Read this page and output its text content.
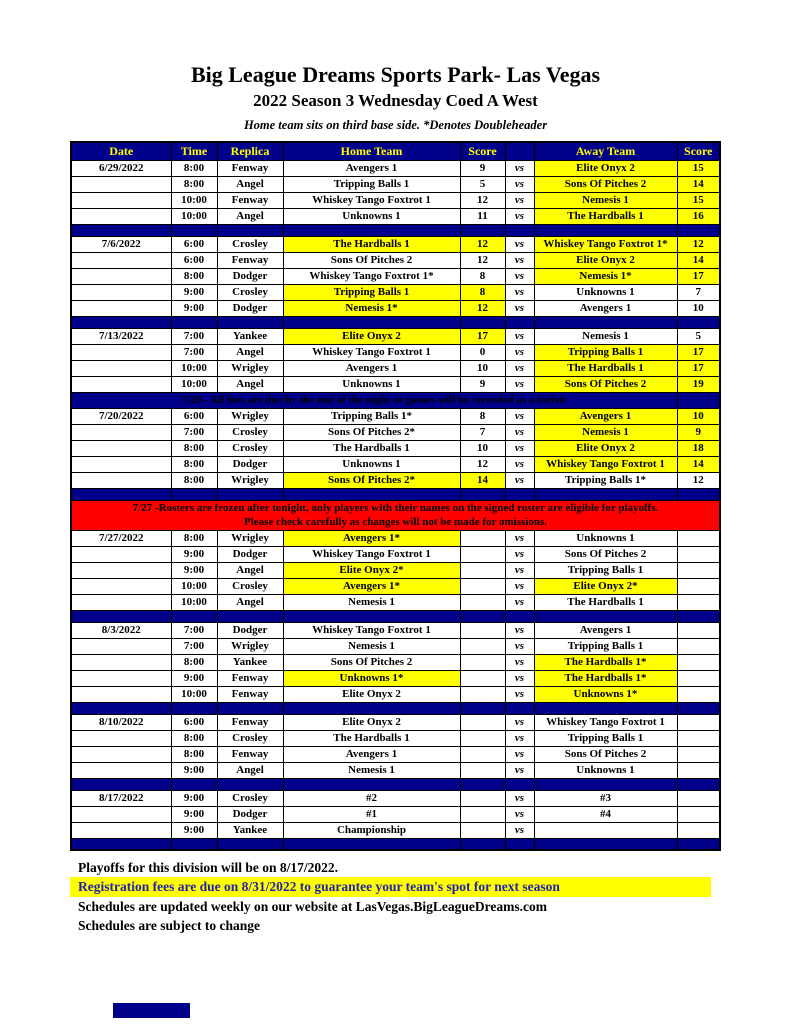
Big League Dreams Sports Park- Las Vegas
2022 Season 3 Wednesday Coed A West
Home team sits on third base side. *Denotes Doubleheader
Date	Time	Replica	Home Team	Score		Away Team	Score
6/29/2022	8:00	Fenway	Avengers 1	9	vs	Elite Onyx 2	15
	8:00	Angel	Tripping Balls 1	5	vs	Sons Of Pitches 2	14
	10:00	Fenway	Whiskey Tango Foxtrot 1	12	vs	Nemesis 1	15
	10:00	Angel	Unknowns 1	11	vs	The Hardballs 1	16

7/6/2022	6:00	Crosley	The Hardballs 1	12	vs	Whiskey Tango Foxtrot 1*	12
	6:00	Fenway	Sons Of Pitches 2	12	vs	Elite Onyx 2	14
	8:00	Dodger	Whiskey Tango Foxtrot 1*	8	vs	Nemesis 1*	17
	9:00	Crosley	Tripping Balls 1	8	vs	Unknowns 1	7
	9:00	Dodger	Nemesis 1*	12	vs	Avengers 1	10

7/13/2022	7:00	Yankee	Elite Onyx 2	17	vs	Nemesis 1	5
	7:00	Angel	Whiskey Tango Foxtrot 1	0	vs	Tripping Balls 1	17
	10:00	Wrigley	Avengers 1	10	vs	The Hardballs 1	17
	10:00	Angel	Unknowns 1	9	vs	Sons Of Pitches 2	19
7/20 - All fees are due by the end of the night or games will be recorded as a forfeit							
7/20/2022	6:00	Wrigley	Tripping Balls 1*	8	vs	Avengers 1	10
	7:00	Crosley	Sons Of Pitches 2*	7	vs	Nemesis 1	9
	8:00	Crosley	The Hardballs 1	10	vs	Elite Onyx 2	18
	8:00	Dodger	Unknowns 1	12	vs	Whiskey Tango Foxtrot 1	14
	8:00	Wrigley	Sons Of Pitches 2*	14	vs	Tripping Balls 1*	12

7/27 -Rosters are frozen after tonight, only players with their names on the signed roster are eligible for playoffs.
Please check carefully as changes will not be made for omissions.							

7/27/2022	8:00	Wrigley	Avengers 1*		vs	Unknowns 1	
	9:00	Dodger	Whiskey Tango Foxtrot 1		vs	Sons Of Pitches 2	
	9:00	Angel	Elite Onyx 2*		vs	Tripping Balls 1	
	10:00	Crosley	Avengers 1*		vs	Elite Onyx 2*	
	10:00	Angel	Nemesis 1		vs	The Hardballs 1	

8/3/2022	7:00	Dodger	Whiskey Tango Foxtrot 1		vs	Avengers 1	
	7:00	Wrigley	Nemesis 1		vs	Tripping Balls 1	
	8:00	Yankee	Sons Of Pitches 2		vs	The Hardballs 1*	
	9:00	Fenway	Unknowns 1*		vs	The Hardballs 1*	
	10:00	Fenway	Elite Onyx 2		vs	Unknowns 1*	

8/10/2022	6:00	Fenway	Elite Onyx 2		vs	Whiskey Tango Foxtrot 1	
	8:00	Crosley	The Hardballs 1		vs	Tripping Balls 1	
	8:00	Fenway	Avengers 1		vs	Sons Of Pitches 2	
	9:00	Angel	Nemesis 1		vs	Unknowns 1	

8/17/2022	9:00	Crosley	#2		vs	#3	
	9:00	Dodger	#1		vs	#4	
	9:00	Yankee	Championship		vs		

Playoffs for this division will be on 8/17/2022.
Registration fees are due on 8/31/2022 to guarantee your team's spot for next season
Schedules are updated weekly on our website at LasVegas.BigLeagueDreams.com
Schedules are subject to change
